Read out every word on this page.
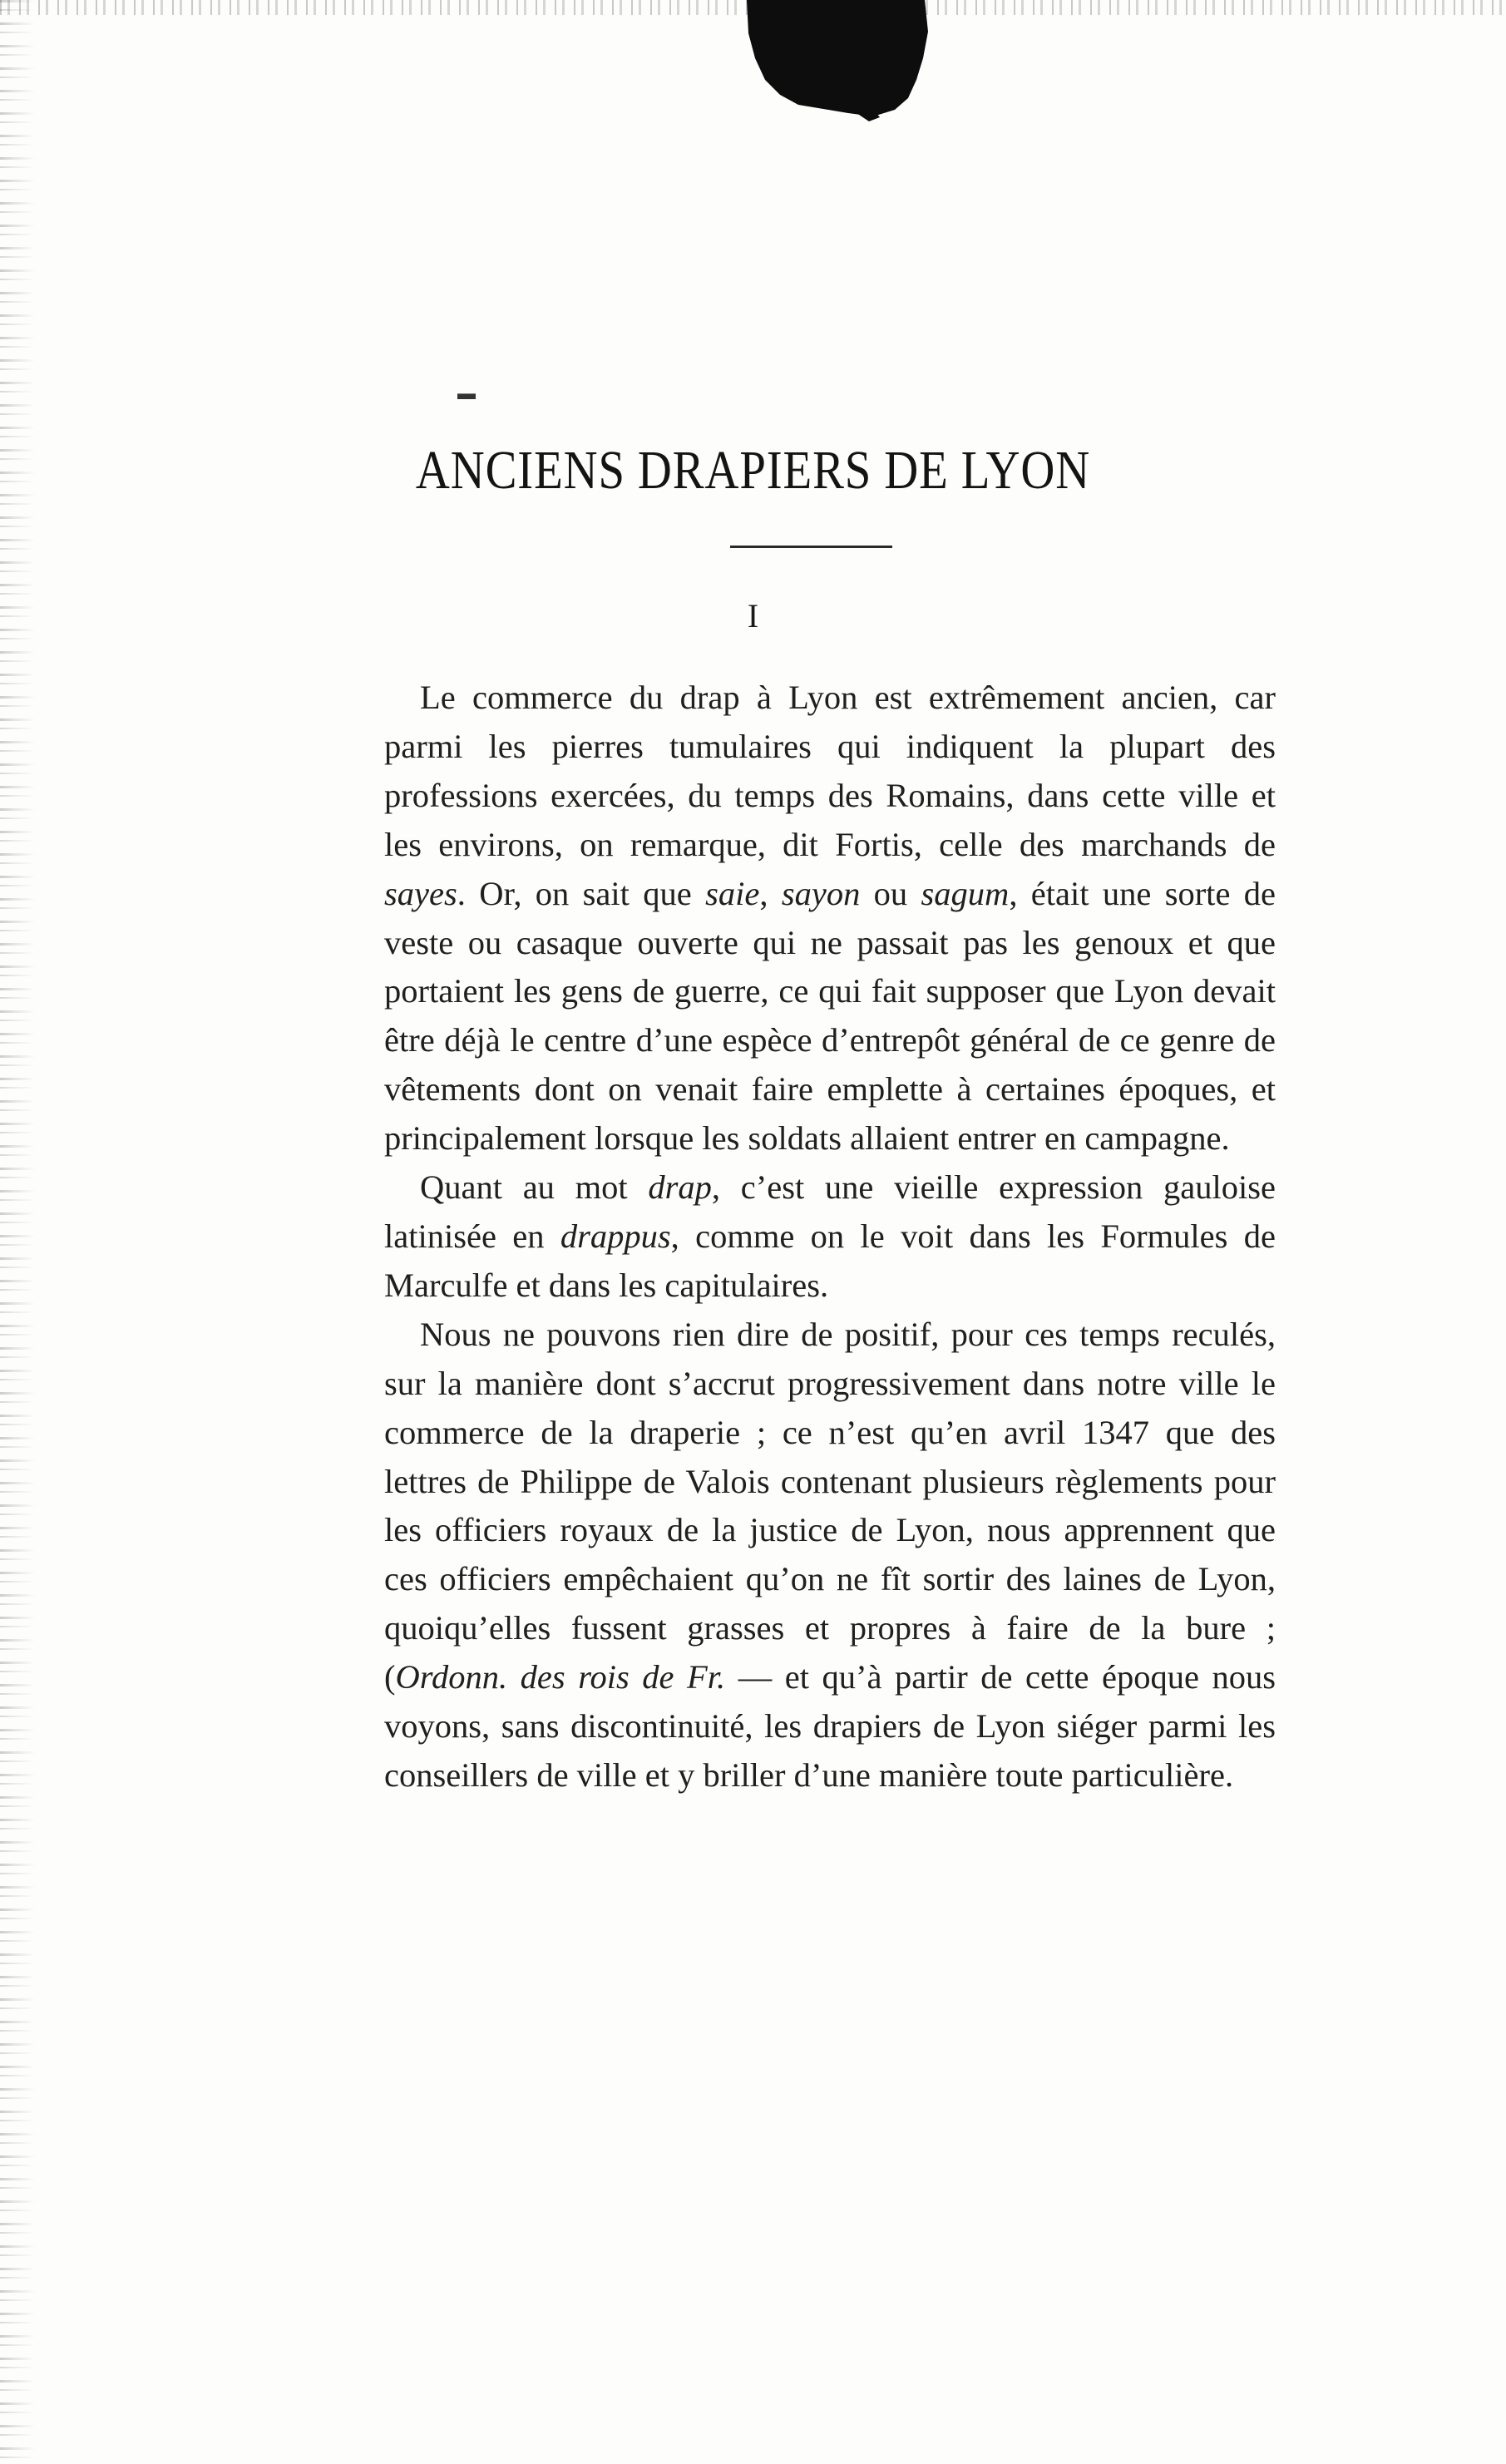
ANCIENS DRAPIERS DE LYON
I

Le commerce du drap à Lyon est extrêmement ancien, car parmi les pierres tumulaires qui indiquent la plupart des professions exercées, du temps des Romains, dans cette ville et les environs, on remarque, dit Fortis, celle des marchands de sayes. Or, on sait que saie, sayon ou sagum, était une sorte de veste ou casaque ouverte qui ne passait pas les genoux et que portaient les gens de guerre, ce qui fait supposer que Lyon devait être déjà le centre d’une espèce d’entrepôt général de ce genre de vêtements dont on venait faire emplette à certaines époques, et principalement lorsque les soldats allaient entrer en campagne.

Quant au mot drap, c’est une vieille expression gauloise latinisée en drappus, comme on le voit dans les Formules de Marculfe et dans les capitulaires.

Nous ne pouvons rien dire de positif, pour ces temps reculés, sur la manière dont s’accrut progressivement dans notre ville le commerce de la draperie ; ce n’est qu’en avril 1347 que des lettres de Philippe de Valois contenant plusieurs règlements pour les officiers royaux de la justice de Lyon, nous apprennent que ces officiers empêchaient qu’on ne fît sortir des laines de Lyon, quoiqu’elles fussent grasses et propres à faire de la bure ; (Ordonn. des rois de Fr. — et qu’à partir de cette époque nous voyons, sans discontinuité, les drapiers de Lyon siéger parmi les conseillers de ville et y briller d’une manière toute particulière.

▬
